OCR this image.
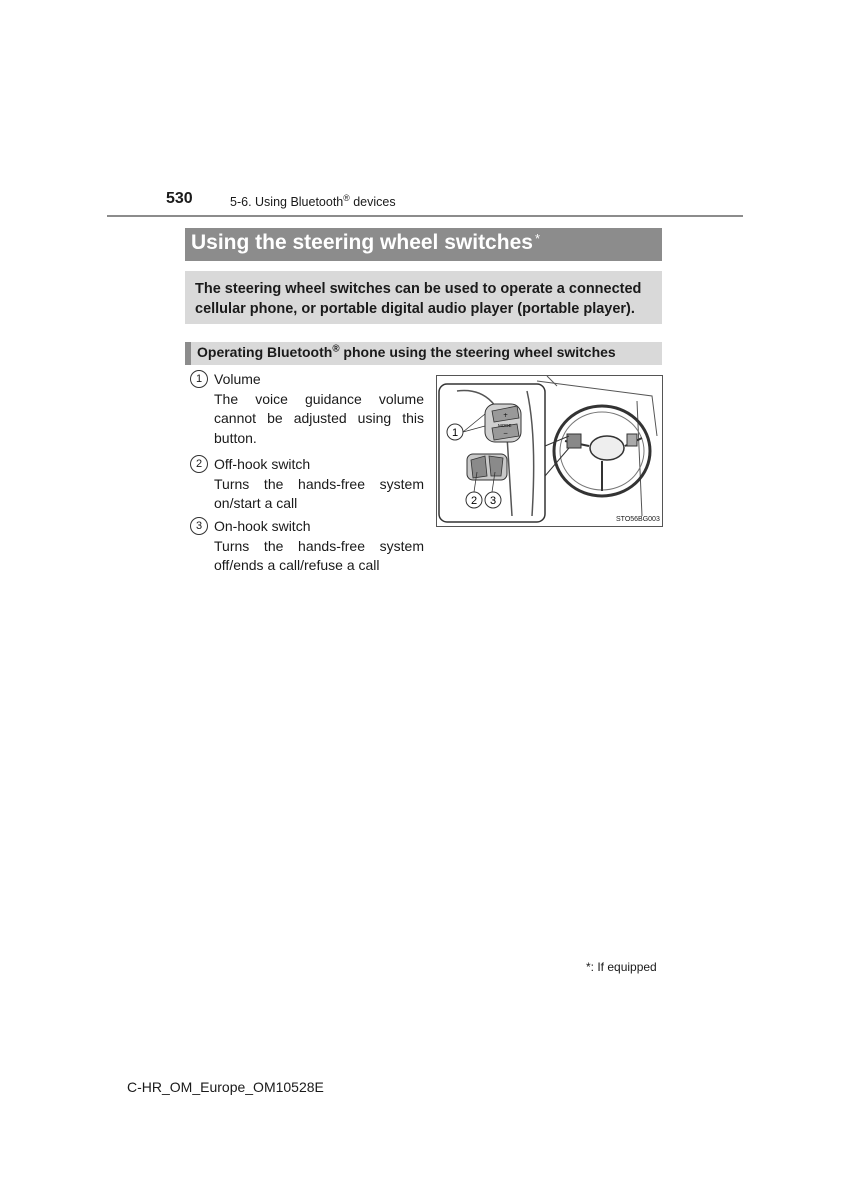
530	5-6. Using Bluetooth® devices
Using the steering wheel switches *
The steering wheel switches can be used to operate a connected cellular phone, or portable digital audio player (portable player).
Operating Bluetooth® phone using the steering wheel switches
1 Volume
The voice guidance volume cannot be adjusted using this button.
2 Off-hook switch
Turns the hands-free system on/start a call
3 On-hook switch
Turns the hands-free system off/ends a call/refuse a call
MODE
+
−
1
2 3
STO56BG003
*: If equipped
C-HR_OM_Europe_OM10528E
